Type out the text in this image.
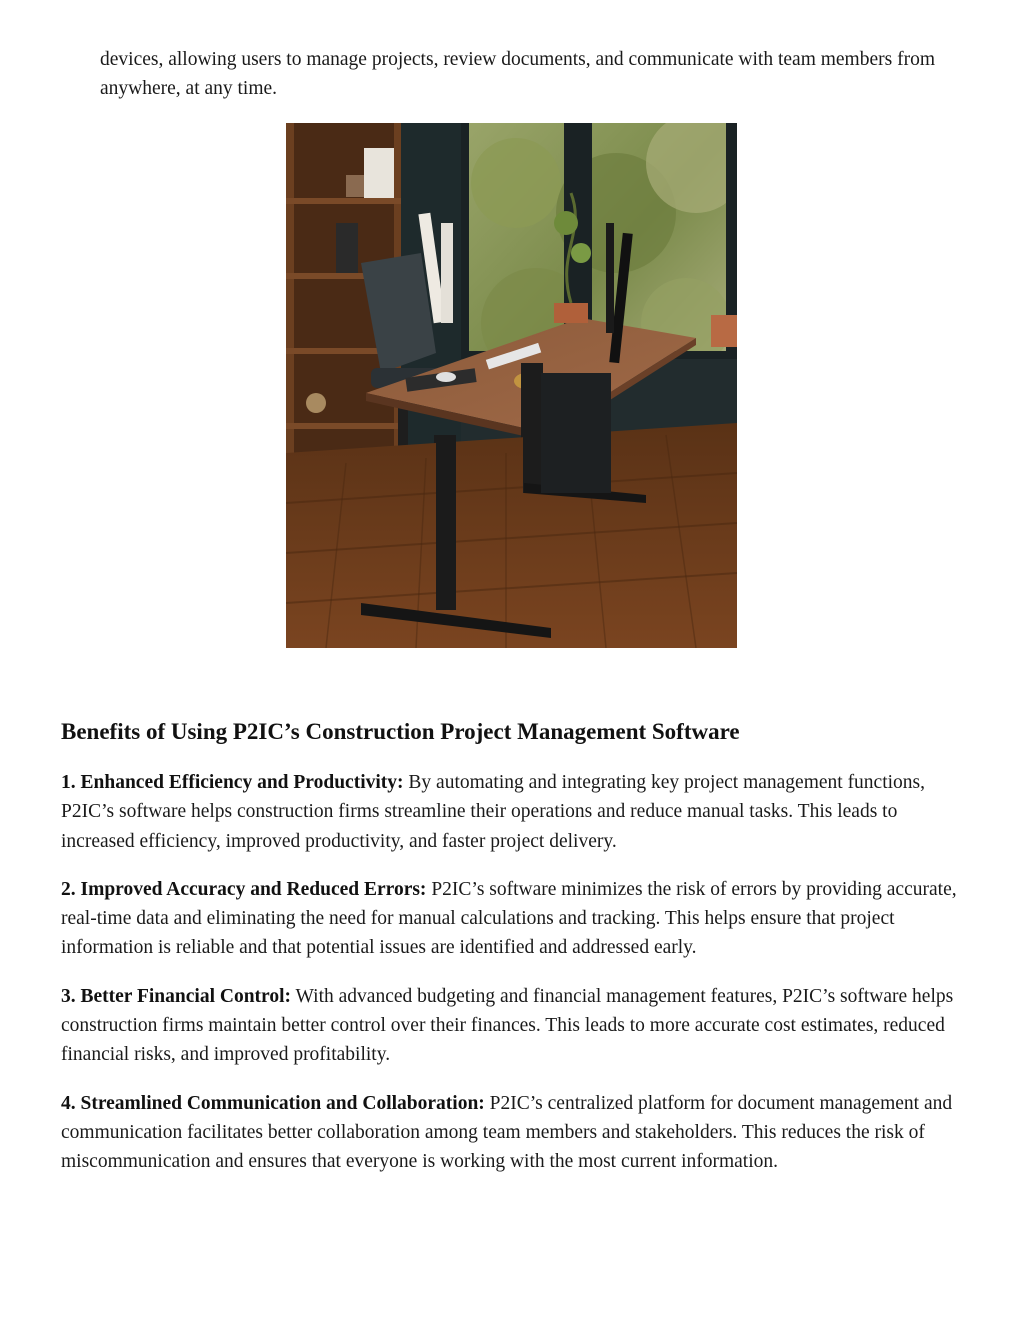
devices, allowing users to manage projects, review documents, and communicate with team members from anywhere, at any time.

Benefits of Using P2IC’s Construction Project Management Software

1. Enhanced Efficiency and Productivity: By automating and integrating key project management functions, P2IC’s software helps construction firms streamline their operations and reduce manual tasks. This leads to increased efficiency, improved productivity, and faster project delivery.

2. Improved Accuracy and Reduced Errors: P2IC’s software minimizes the risk of errors by providing accurate, real-time data and eliminating the need for manual calculations and tracking. This helps ensure that project information is reliable and that potential issues are identified and addressed early.

3. Better Financial Control: With advanced budgeting and financial management features, P2IC’s software helps construction firms maintain better control over their finances. This leads to more accurate cost estimates, reduced financial risks, and improved profitability.

4. Streamlined Communication and Collaboration: P2IC’s centralized platform for document management and communication facilitates better collaboration among team members and stakeholders. This reduces the risk of miscommunication and ensures that everyone is working with the most current information.
